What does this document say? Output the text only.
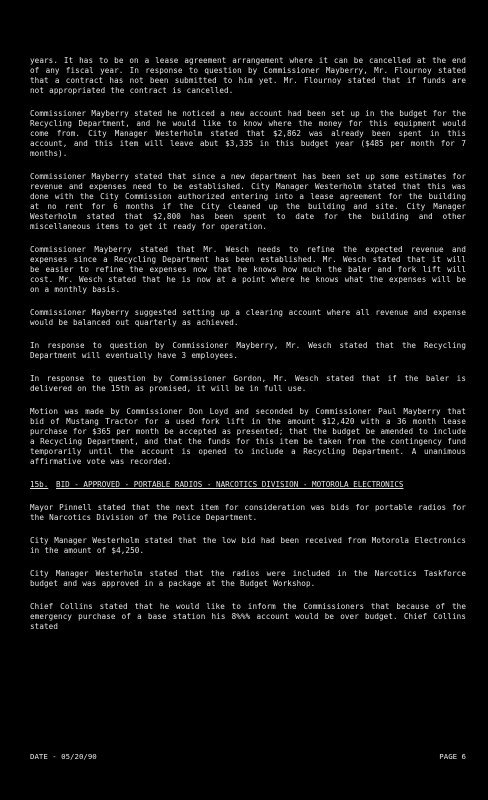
years. It has to be on a lease agreement arrangement where it can be cancelled at the end of any fiscal year. In response to question by Commissioner Mayberry, Mr. Flournoy stated that a contract has not been submitted to him yet. Mr. Flournoy stated that if funds are not appropriated the contract is cancelled.

Commissioner Mayberry stated he noticed a new account had been set up in the budget for the Recycling Department, and he would like to know where the money for this equipment would come from. City Manager Westerholm stated that $2,862 was already been spent in this account, and this item will leave abut $3,335 in this budget year ($485 per month for 7 months).

Commissioner Mayberry stated that since a new department has been set up some estimates for revenue and expenses need to be established. City Manager Westerholm stated that this was done with the City Commission authorized entering into a lease agreement for the building at no rent for 6 months if the City cleaned up the building and site. City Manager Westerholm stated that $2,800 has been spent to date for the building and other miscellaneous items to get it ready for operation.

Commissioner Mayberry stated that Mr. Wesch needs to refine the expected revenue and expenses since a Recycling Department has been established. Mr. Wesch stated that it will be easier to refine the expenses now that he knows how much the baler and fork lift will cost. Mr. Wesch stated that he is now at a point where he knows what the expenses will be on a monthly basis.

Commissioner Mayberry suggested setting up a clearing account where all revenue and expense would be balanced out quarterly as achieved.

In response to question by Commissioner Mayberry, Mr. Wesch stated that the Recycling Department will eventually have 3 employees.

In response to question by Commissioner Gordon, Mr. Wesch stated that if the baler is delivered on the 15th as promised, it will be in full use.

Motion was made by Commissioner Don Loyd and seconded by Commissioner Paul Mayberry that bid of Mustang Tractor for a used fork lift in the amount $12,420 with a 36 month lease purchase for $365 per month be accepted as presented; that the budget be amended to include a Recycling Department, and that the funds for this item be taken from the contingency fund temporarily until the account is opened to include a Recycling Department. A unanimous affirmative vote was recorded.

15b.	BID - APPROVED - PORTABLE RADIOS - NARCOTICS DIVISION - MOTOROLA ELECTRONICS

Mayor Pinnell stated that the next item for consideration was bids for portable radios for the Narcotics Division of the Police Department.

City Manager Westerholm stated that the low bid had been received from Motorola Electronics in the amount of $4,250.

City Manager Westerholm stated that the radios were included in the Narcotics Taskforce budget and was approved in a package at the Budget Workshop.

Chief Collins stated that he would like to inform the Commissioners that because of the emergency purchase of a base station his 8%%% account would be over budget. Chief Collins stated

DATE - 05/20/90	PAGE 6
